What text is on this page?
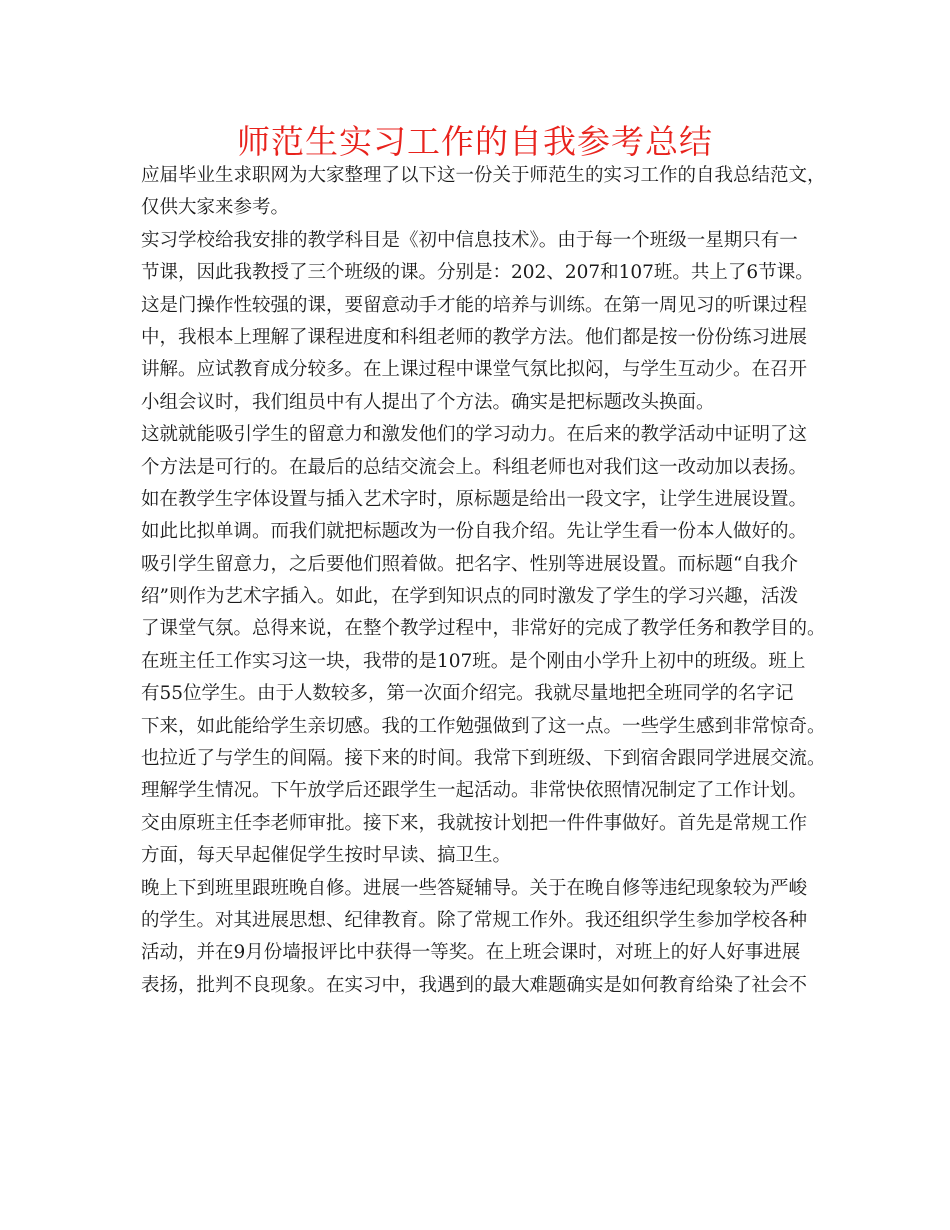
师范生实习工作的自我参考总结
应届毕业生求职网为大家整理了以下这一份关于师范生的实习工作的自我总结范文，
仅供大家来参考。
实习学校给我安排的教学科目是《初中信息技术》。由于每一个班级一星期只有一
节课，因此我教授了三个班级的课。分别是：202、207和107班。共上了6节课。
这是门操作性较强的课，要留意动手才能的培养与训练。在第一周见习的听课过程
中，我根本上理解了课程进度和科组老师的教学方法。他们都是按一份份练习进展
讲解。应试教育成分较多。在上课过程中课堂气氛比拟闷，与学生互动少。在召开
小组会议时，我们组员中有人提出了个方法。确实是把标题改头换面。
这就就能吸引学生的留意力和激发他们的学习动力。在后来的教学活动中证明了这
个方法是可行的。在最后的总结交流会上。科组老师也对我们这一改动加以表扬。
如在教学生字体设置与插入艺术字时，原标题是给出一段文字，让学生进展设置。
如此比拟单调。而我们就把标题改为一份自我介绍。先让学生看一份本人做好的。
吸引学生留意力，之后要他们照着做。把名字、性别等进展设置。而标题“自我介
绍”则作为艺术字插入。如此，在学到知识点的同时激发了学生的学习兴趣，活泼
了课堂气氛。总得来说，在整个教学过程中，非常好的完成了教学任务和教学目的。
在班主任工作实习这一块，我带的是107班。是个刚由小学升上初中的班级。班上
有55位学生。由于人数较多，第一次面介绍完。我就尽量地把全班同学的名字记
下来，如此能给学生亲切感。我的工作勉强做到了这一点。一些学生感到非常惊奇。
也拉近了与学生的间隔。接下来的时间。我常下到班级、下到宿舍跟同学进展交流。
理解学生情况。下午放学后还跟学生一起活动。非常快依照情况制定了工作计划。
交由原班主任李老师审批。接下来，我就按计划把一件件事做好。首先是常规工作
方面，每天早起催促学生按时早读、搞卫生。
晚上下到班里跟班晚自修。进展一些答疑辅导。关于在晚自修等违纪现象较为严峻
的学生。对其进展思想、纪律教育。除了常规工作外。我还组织学生参加学校各种
活动，并在9月份墙报评比中获得一等奖。在上班会课时，对班上的好人好事进展
表扬，批判不良现象。在实习中，我遇到的最大难题确实是如何教育给染了社会不
